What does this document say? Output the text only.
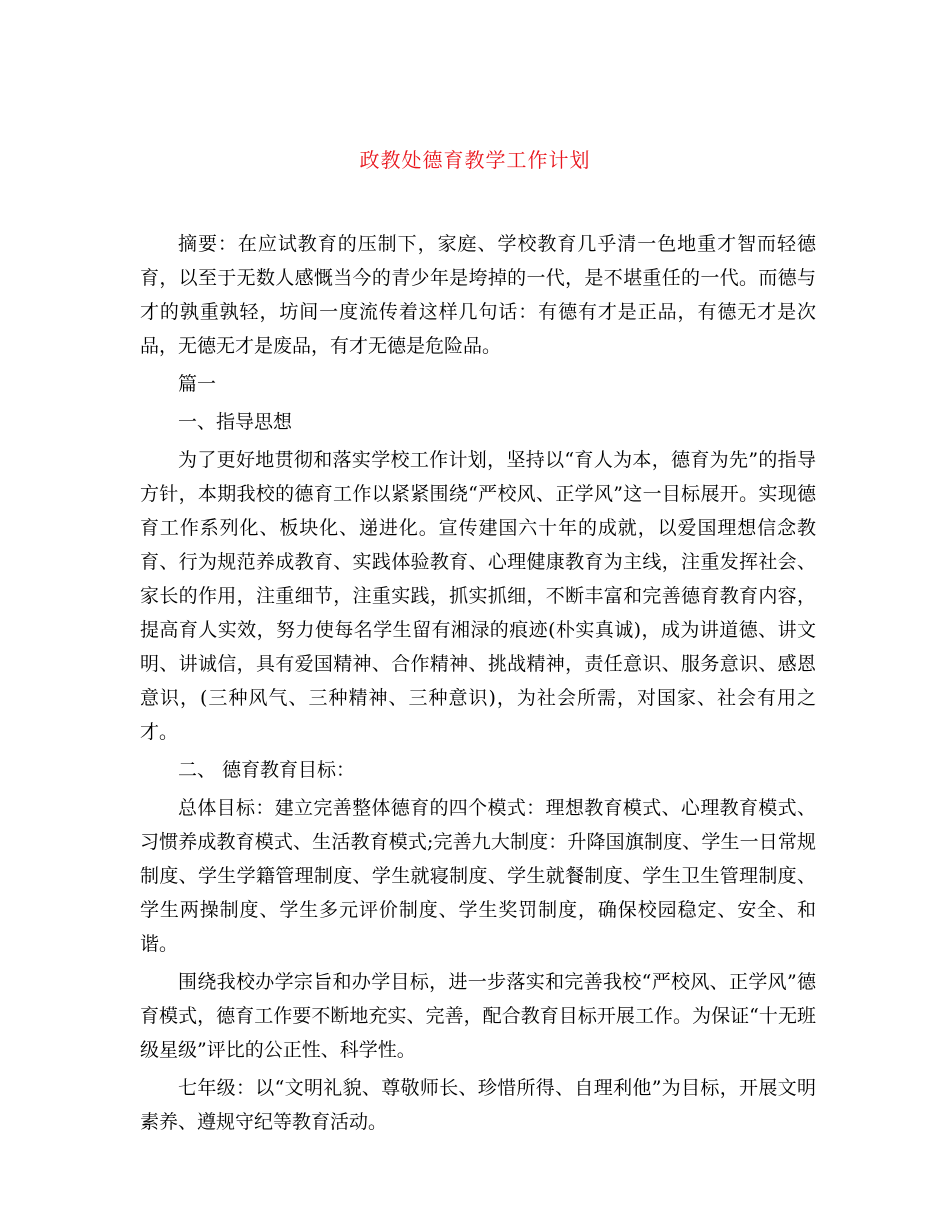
政教处德育教学工作计划

摘要：在应试教育的压制下，家庭、学校教育几乎清一色地重才智而轻德育，以至于无数人感慨当今的青少年是垮掉的一代，是不堪重任的一代。而德与才的孰重孰轻，坊间一度流传着这样几句话：有德有才是正品，有德无才是次品，无德无才是废品，有才无德是危险品。

篇一

一、指导思想

为了更好地贯彻和落实学校工作计划，坚持以“育人为本，德育为先”的指导方针，本期我校的德育工作以紧紧围绕“严校风、正学风”这一目标展开。实现德育工作系列化、板块化、递进化。宣传建国六十年的成就，以爱国理想信念教育、行为规范养成教育、实践体验教育、心理健康教育为主线，注重发挥社会、家长的作用，注重细节，注重实践，抓实抓细，不断丰富和完善德育教育内容，提高育人实效，努力使每名学生留有湘渌的痕迹(朴实真诚)，成为讲道德、讲文明、讲诚信，具有爱国精神、合作精神、挑战精神，责任意识、服务意识、感恩意识，(三种风气、三种精神、三种意识)，为社会所需，对国家、社会有用之才。

二、 德育教育目标：

总体目标：建立完善整体德育的四个模式：理想教育模式、心理教育模式、习惯养成教育模式、生活教育模式;完善九大制度：升降国旗制度、学生一日常规制度、学生学籍管理制度、学生就寝制度、学生就餐制度、学生卫生管理制度、学生两操制度、学生多元评价制度、学生奖罚制度，确保校园稳定、安全、和谐。

围绕我校办学宗旨和办学目标，进一步落实和完善我校“严校风、正学风”德育模式，德育工作要不断地充实、完善，配合教育目标开展工作。为保证“十无班级星级”评比的公正性、科学性。

七年级：以“文明礼貌、尊敬师长、珍惜所得、自理利他”为目标，开展文明素养、遵规守纪等教育活动。
